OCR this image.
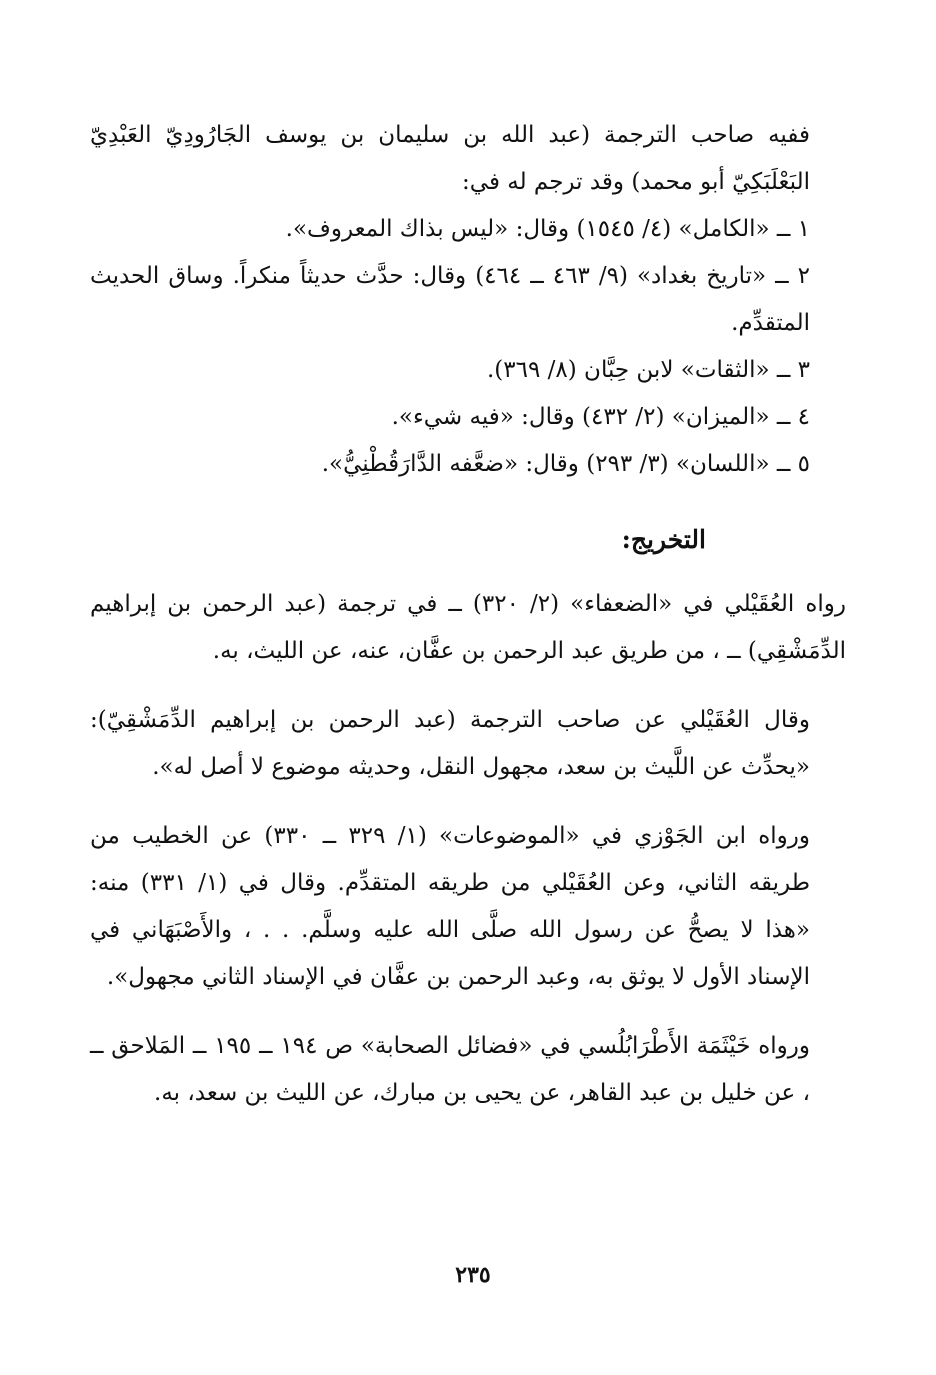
ففيه صاحب الترجمة (عبد الله بن سليمان بن يوسف الجَارُودِيّ العَبْدِيّ البَعْلَبَكِيّ أبو محمد) وقد ترجم له في:

١ ــ «الكامل» (٤/ ١٥٤٥) وقال: «ليس بذاك المعروف».

٢ ــ «تاريخ بغداد» (٩/ ٤٦٣ ــ ٤٦٤) وقال: حدَّث حديثاً منكراً. وساق الحديث المتقدِّم.

٣ ــ «الثقات» لابن حِبَّان (٨/ ٣٦٩).

٤ ــ «الميزان» (٢/ ٤٣٢) وقال: «فيه شيء».

٥ ــ «اللسان» (٣/ ٢٩٣) وقال: «ضعَّفه الدَّارَقُطْنِيُّ».

التخريج:

رواه العُقَيْلي في «الضعفاء» (٢/ ٣٢٠) ــ في ترجمة (عبد الرحمن بن إبراهيم الدِّمَشْقِي) ــ ، من طريق عبد الرحمن بن عفَّان، عنه، عن الليث، به.

وقال العُقَيْلي عن صاحب الترجمة (عبد الرحمن بن إبراهيم الدِّمَشْقِيّ): «يحدِّث عن اللَّيث بن سعد، مجهول النقل، وحديثه موضوع لا أصل له».

ورواه ابن الجَوْزي في «الموضوعات» (١/ ٣٢٩ ــ ٣٣٠) عن الخطيب من طريقه الثاني، وعن العُقَيْلي من طريقه المتقدِّم. وقال في (١/ ٣٣١) منه: «هذا لا يصحُّ عن رسول الله صلَّى الله عليه وسلَّم. . . ، والأَصْبَهَاني في الإسناد الأول لا يوثق به، وعبد الرحمن بن عفَّان في الإسناد الثاني مجهول».

ورواه خَيْثَمَة الأَطْرَابُلُسي في «فضائل الصحابة» ص ١٩٤ ــ ١٩٥ ــ المَلاحق ــ ، عن خليل بن عبد القاهر، عن يحيى بن مبارك، عن الليث بن سعد، به.

٢٣٥
